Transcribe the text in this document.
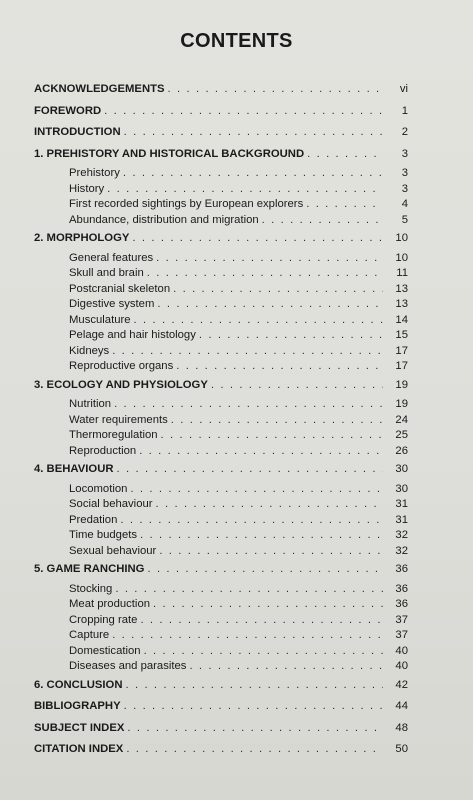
CONTENTS
ACKNOWLEDGEMENTS . . .	vi
FOREWORD . . .	1
INTRODUCTION . . .	2
1. PREHISTORY AND HISTORICAL BACKGROUND . . .	3
Prehistory . . .	3
History . . .	3
First recorded sightings by European explorers . . .	4
Abundance, distribution and migration . . .	5
2. MORPHOLOGY . . .	10
General features . . .	10
Skull and brain . . .	11
Postcranial skeleton . . .	13
Digestive system . . .	13
Musculature . . .	14
Pelage and hair histology . . .	15
Kidneys . . .	17
Reproductive organs . . .	17
3. ECOLOGY AND PHYSIOLOGY . . .	19
Nutrition . . .	19
Water requirements . . .	24
Thermoregulation . . .	25
Reproduction . . .	26
4. BEHAVIOUR . . .	30
Locomotion . . .	30
Social behaviour . . .	31
Predation . . .	31
Time budgets . . .	32
Sexual behaviour . . .	32
5. GAME RANCHING . . .	36
Stocking . . .	36
Meat production . . .	36
Cropping rate . . .	37
Capture . . .	37
Domestication . . .	40
Diseases and parasites . . .	40
6. CONCLUSION . . .	42
BIBLIOGRAPHY . . .	44
SUBJECT INDEX . . .	48
CITATION INDEX . . .	50
